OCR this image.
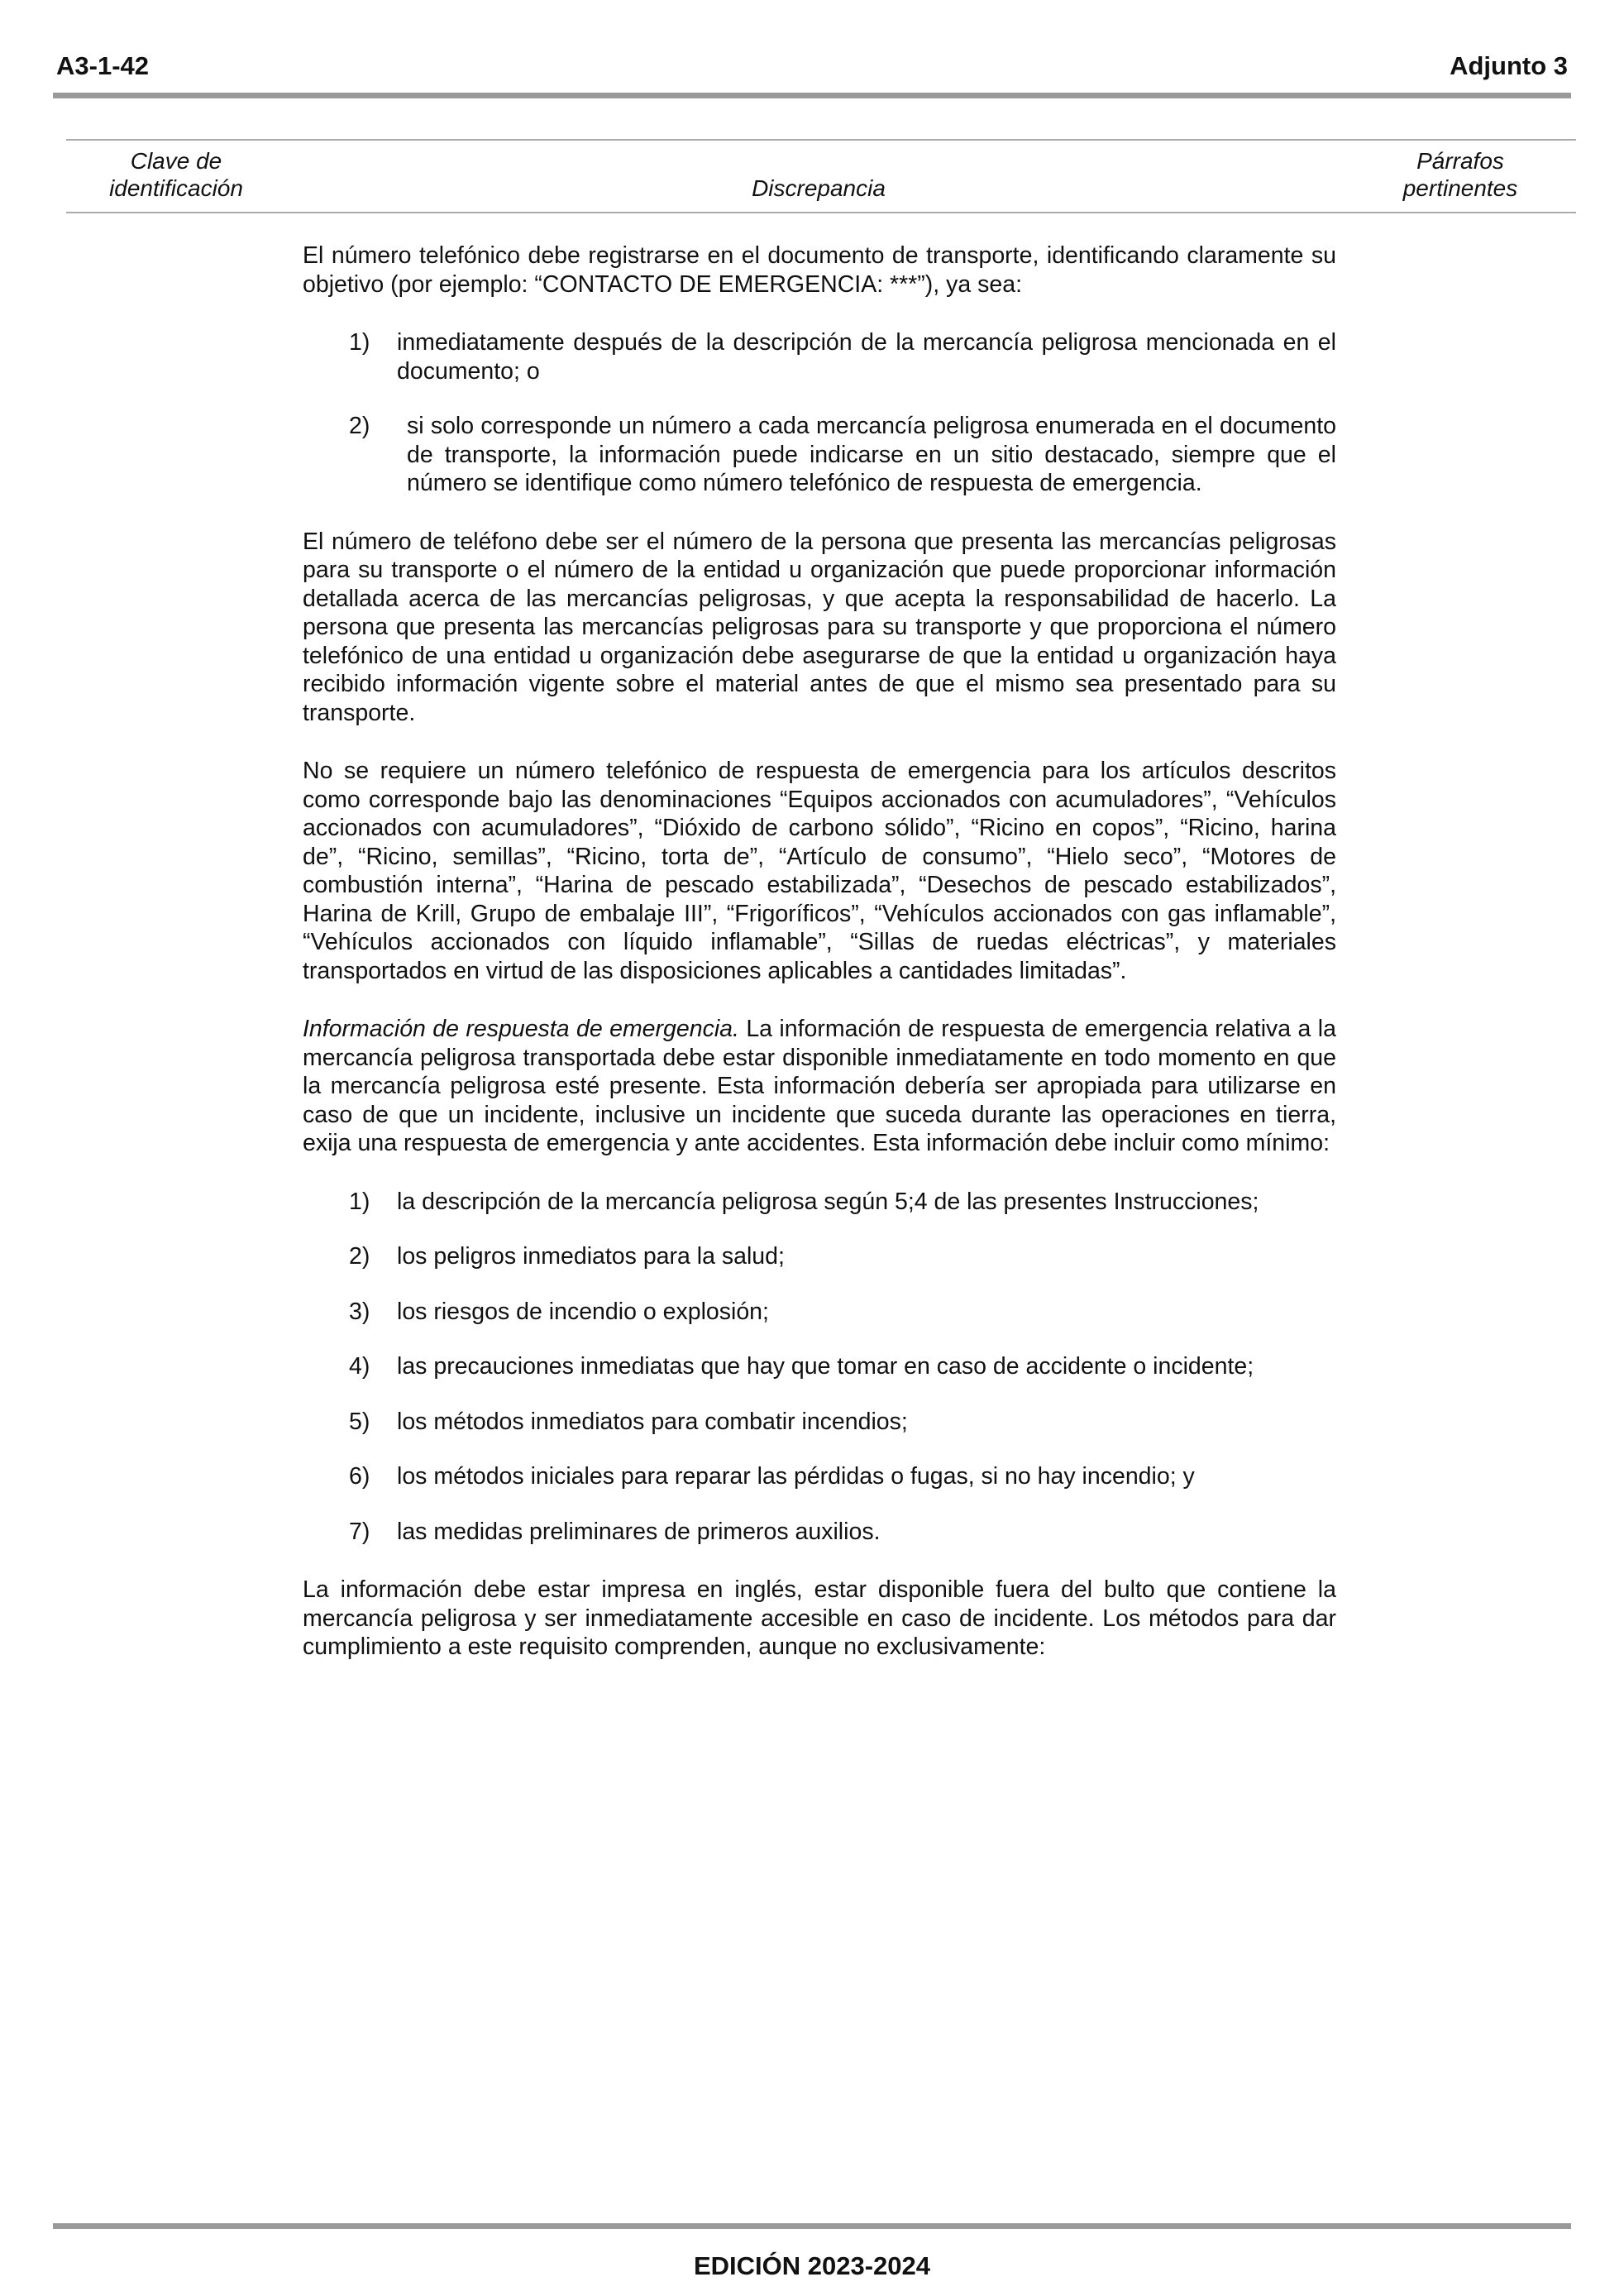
A3-1-42	Adjunto 3
Clave de
identificación	Discrepancia
Párrafos
pertinentes

El número telefónico debe registrarse en el documento de transporte, identificando claramente su objetivo (por ejemplo: “CONTACTO DE EMERGENCIA: ***”), ya sea:

1) inmediatamente después de la descripción de la mercancía peligrosa mencionada en el documento; o
2) si solo corresponde un número a cada mercancía peligrosa enumerada en el documento de transporte, la información puede indicarse en un sitio destacado, siempre que el número se identifique como número telefónico de respuesta de emergencia.

El número de teléfono debe ser el número de la persona que presenta las mercancías peligrosas para su transporte o el número de la entidad u organización que puede proporcionar información detallada acerca de las mercancías peligrosas, y que acepta la responsabilidad de hacerlo. La persona que presenta las mercancías peligrosas para su transporte y que proporciona el número telefónico de una entidad u organización debe asegurarse de que la entidad u organización haya recibido información vigente sobre el material antes de que el mismo sea presentado para su transporte.

No se requiere un número telefónico de respuesta de emergencia para los artículos descritos como corresponde bajo las denominaciones “Equipos accionados con acumuladores”, “Vehículos accionados con acumuladores”, “Dióxido de carbono sólido”, “Ricino en copos”, “Ricino, harina de”, “Ricino, semillas”, “Ricino, torta de”, “Artículo de consumo”, “Hielo seco”, “Motores de combustión interna”, “Harina de pescado estabilizada”, “Desechos de pescado estabilizados”, Harina de Krill, Grupo de embalaje III”, “Frigoríficos”, “Vehículos accionados con gas inflamable”, “Vehículos accionados con líquido inflamable”, “Sillas de ruedas eléctricas”, y materiales transportados en virtud de las disposiciones aplicables a cantidades limitadas”.

Información de respuesta de emergencia. La información de respuesta de emergencia relativa a la mercancía peligrosa transportada debe estar disponible inmediatamente en todo momento en que la mercancía peligrosa esté presente. Esta información debería ser apropiada para utilizarse en caso de que un incidente, inclusive un incidente que suceda durante las operaciones en tierra, exija una respuesta de emergencia y ante accidentes. Esta información debe incluir como mínimo:

1) la descripción de la mercancía peligrosa según 5;4 de las presentes Instrucciones;
2) los peligros inmediatos para la salud;
3) los riesgos de incendio o explosión;
4) las precauciones inmediatas que hay que tomar en caso de accidente o incidente;
5) los métodos inmediatos para combatir incendios;
6) los métodos iniciales para reparar las pérdidas o fugas, si no hay incendio; y
7) las medidas preliminares de primeros auxilios.

La información debe estar impresa en inglés, estar disponible fuera del bulto que contiene la mercancía peligrosa y ser inmediatamente accesible en caso de incidente. Los métodos para dar cumplimiento a este requisito comprenden, aunque no exclusivamente:

EDICIÓN 2023-2024
